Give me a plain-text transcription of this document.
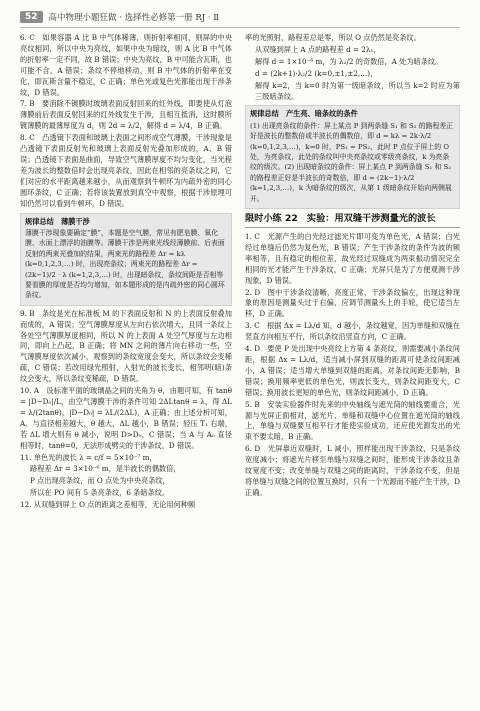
52	高中物理小题狂做 · 选择性必修第一册 RJ · Ⅱ

6. C　如果容器 A 比 B 中气体稀薄，则折射率相同，则屏的中央亮纹相同，所以中央为亮纹，如果中央为暗纹，则 A 比 B 中气体的折射率一定不同，故 B 错误；中央为亮纹，B 中可能含瓦斯，也可能不含，A 错误；条纹不停地移动，则 B 中气体的折射率在变化，即瓦斯含量不稳定，C 正确；单色光或复色光都能出现干涉条纹，D 错误。

7. B　要消除不镀膜时玻璃表面反射回来的红外线，即要使从灯泡薄膜前后表面反射回来的红外线发生干涉，且相互抵消，这时膜所镀薄膜的最薄厚度为 d，则 2d = λ/2，解得 d = λ/4，B 正确。

8. C　凸透镜下表面和玻璃上表面之间形成空气薄膜，干涉现象是凸透镜下表面反射光和玻璃上表面反射光叠加形成的，A、B 错误；凸透镜下表面是曲面，导致空气薄膜厚度不均匀变化，当光程差为波长的整数倍时会出现亮条纹，因此在相邻的亮条纹之间，它们对应的水平距离越来越小，从而观察到牛顿环为内疏外密的同心圆环条纹，C 正确；若将该装置放到真空中观察，根据干涉原理可知仍然可以看到牛顿环，D 错误。

规律总结　薄膜干涉
薄膜干涉现象要确定“膜”，本题是空气膜，常见有肥皂膜、氧化膜、水面上漂浮的油膜等。薄膜干涉是两束光线经薄膜前、后表面反射的两束光叠加的结果，两束光的路程差 Δr = kλ (k=0,1,2,3,…) 时，出现亮条纹；两束光的路程差 Δr = (2k−1)/2 · λ (k=1,2,3,…) 时，出现暗条纹，条纹间距是否相等要看膜的厚度是否均匀增加，如本题形成的是内疏外密的同心圆环条纹。

9. B　条纹是光在标准板 M 的下表面反射和 N 的上表面反射叠加而成的，A 错误；空气薄膜厚度从左向右依次增大，且同一条纹上各处空气薄膜厚度相同，所以 N 的上表面 A 处空气厚度与左边相同，即向上凸起，B 正确；将 MN 之间的薄片向右移动一些，空气薄膜厚度依次减小，观察到的条纹宽度会变大，所以条纹会变稀疏，C 错误；若改用绿光照射，入射光的波长变长，相邻明(暗)条纹会变大，所以条纹变稀疏，D 错误。

10. A　设标准平面的玻璃晶之间的夹角为 θ，由题可知，有 tanθ = |D−D₀|/L，由空气薄膜干涉的条件可知 2ΔLtanθ = λ，得 ΔL = λ/(2tanθ)，|D−D₀| = λL/(2ΔL)，A 正确；由上述分析可知，A、与直径相差越大，θ 越大，ΔL 越小，B 错误；轻压 T₁ 右端，若 ΔL 增大则有 θ 减小，说明 D>D₀，C 错误；当 A 与 A₀ 直径相等时，tanθ=0，无法形成劈尖的干涉条纹，D 错误。

11. 单色光的波长 λ = c/f = 5×10⁻⁷ m，

路程差 Δr = 3×10⁻⁶ m，是半波长的偶数倍，

P 点出现亮条纹，而 O 点处为中央亮条纹，

所以在 PO 间有 5 条亮条纹，6 条暗条纹。

12. 从双缝到屏上 O 点的距离之差相等，无论用何种频

率的光照射，路程差总是零，所以 O 点仍然是亮条纹。

从双缝到屏上 A 点的路程差 d = 2λ₁，

解得 d = 1×10⁻⁶ m，为 λ₂/2 的奇数倍，A 处为暗条纹。

d = (2k+1)·λ₂/2 (k=0,±1,±2,…)，

解得 k=2，当 k=0 时为第一级暗条纹，所以当 k=2 时应为第三级暗条纹。

规律总结　产生亮、暗条纹的条件
(1) 出现亮条纹的条件：屏上某点 P 到两条缝 S₁ 和 S₂ 的路程差正好是波长的整数倍或半波长的偶数倍，即 d = kλ = 2k·λ/2 (k=0,1,2,3,…)，k=0 时，PS₁ = PS₂，此时 P 点位于屏上的 O 处，为亮条纹，此处的条纹叫中央亮条纹或零级亮条纹，k 为亮条纹的级次。(2) 出现暗条纹的条件：屏上某点 P 到两条缝 S₁ 和 S₂ 的路程差正好是半波长的奇数倍，即 d = (2k−1)·λ/2 (k=1,2,3,…)，k 为暗条纹的级次，从第 1 级暗条纹开始向两侧展开。
限时小练 22　实验：用双缝干涉测量光的波长

1. C　光源产生的白光经过滤光片即可变为单色光，A 错误；白光经过单缝后仍然为复色光，B 错误；产生干涉条纹的条件为波的频率相等，且有稳定的相位差，故光经过双缝成为两束振动情况完全相同的光才能产生干涉条纹，C 正确；光屏只是为了方便观测干涉现象，D 错误。

2. D　图中干涉条纹清晰，亮度正常，干涉条纹偏左，出现这种现象的原因是测量头过于右偏，应调节测量头上的手轮，使它适当左移，D 正确。

3. C　根据 Δx = Lλ/d 知，d 越小，条纹越宽，因为单缝和双缝在竖直方向相互平行，所以条纹沿竖直方向，C 正确。

4. D　要使 P 处出现中央亮纹上方第 4 条亮纹，则需要减小条纹间距，根据 Δx = Lλ/d，适当减小屏到双缝的距离可使条纹间距减小，A 错误；适当增大单缝到双缝的距离，对条纹间距无影响，B 错误；换用频率更低的单色光，则波长变大，则条纹间距变大，C 错误；换用波长更短的单色光，则条纹间距减小，D 正确。

5. B　安装实验器件时先来的中央轴线与遮光筒的轴线要重合，光源与光屏正面相对，滤光片、单缝和双缝中心位置在遮光筒的轴线上，单缝与双缝要互相平行才能使实验成功，还应使光源发出的光束不要太暗，B 正确。

6. D　光屏靠近双缝时，L 减小，照样能出现干涉条纹，只是条纹宽度减小；将遮光片移至单缝与双缝之间时，能形成干涉条纹且条纹宽度不变；改变单缝与双缝之间的距离时，干涉条纹不变，但是将单缝与双缝之间的位置互换时，只有一个光源而不能产生干涉，D 正确。
